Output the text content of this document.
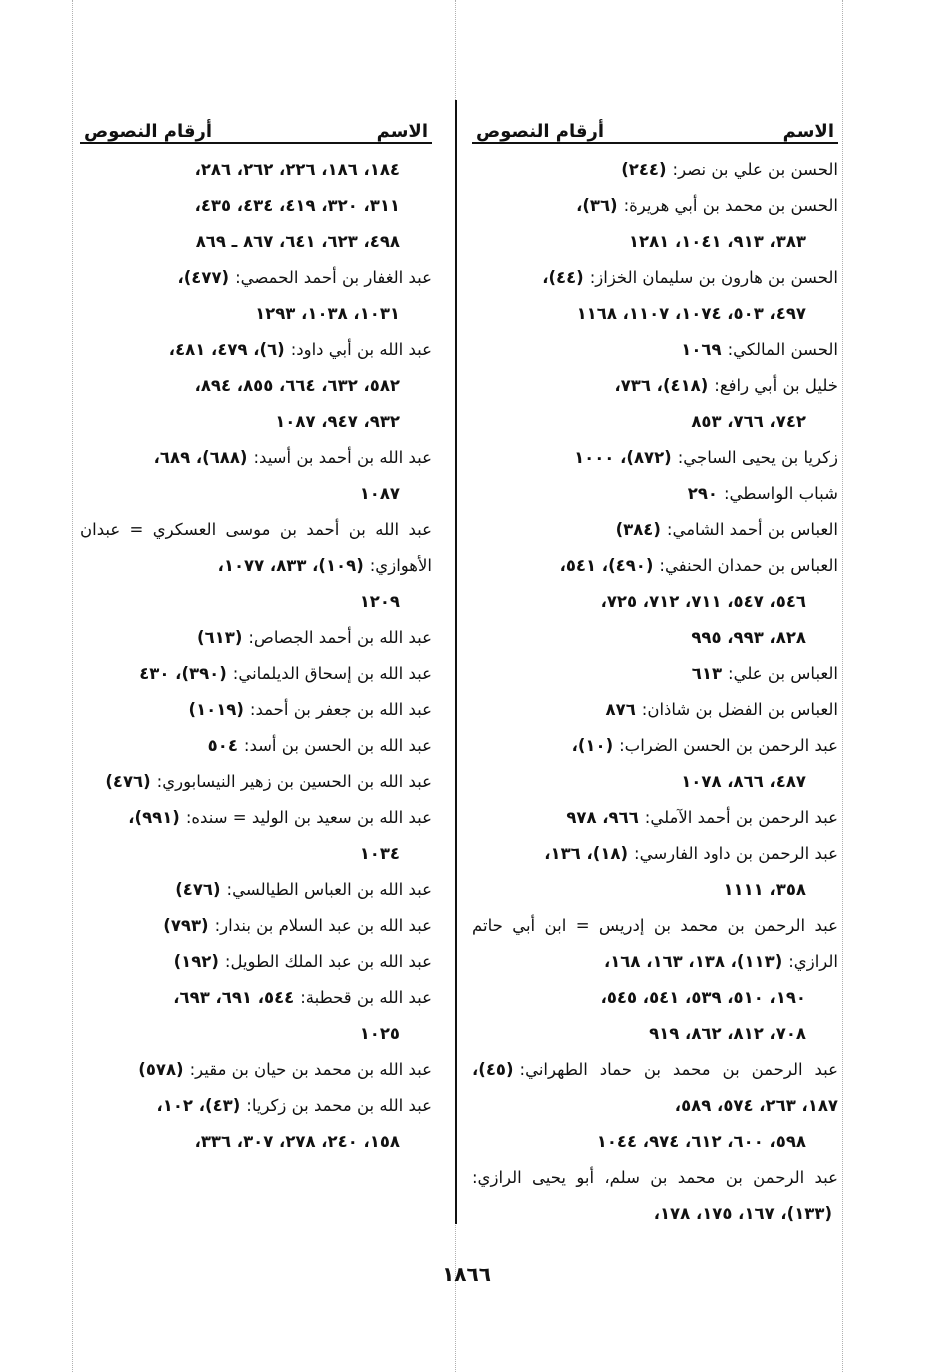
الاسم
أرقام النصوص
الحسن بن علي بن نصر:(٢٤٤)
الحسن بن محمد بن أبي هريرة:(٣٦)،
٣٨٣، ٩١٣، ١٠٤١، ١٢٨١
الحسن بن هارون بن سليمان الخزاز:(٤٤)،
٤٩٧، ٥٠٣، ١٠٧٤، ١١٠٧، ١١٦٨
الحسن المالكي:١٠٦٩
خليل بن أبي رافع:(٤١٨)، ٧٣٦،
٧٤٢، ٧٦٦، ٨٥٣
زكريا بن يحيى الساجي:(٨٧٢)، ١٠٠٠
شباب الواسطي:٢٩٠
العباس بن أحمد الشامي:(٣٨٤)
العباس بن حمدان الحنفي:(٤٩٠)، ٥٤١،
٥٤٦، ٥٤٧، ٧١١، ٧١٢، ٧٢٥،
٨٢٨، ٩٩٣، ٩٩٥
العباس بن علي:٦١٣
العباس بن الفضل بن شاذان:٨٧٦
عبد الرحمن بن الحسن الضراب:(١٠)،
٤٨٧، ٨٦٦، ١٠٧٨
عبد الرحمن بن أحمد الآملي:٩٦٦، ٩٧٨
عبد الرحمن بن داود الفارسي:(١٨)، ١٣٦،
٣٥٨، ١١١١
عبد الرحمن بن محمد بن إدريس = ابن أبي حاتم الرازي:(١١٣)، ١٣٨، ١٦٣، ١٦٨،
١٩٠، ٥١٠، ٥٣٩، ٥٤١، ٥٤٥،
٧٠٨، ٨١٢، ٨٦٢، ٩١٩
عبد الرحمن بن محمد بن حماد الطهراني:(٤٥)، ١٨٧، ٢٦٣، ٥٧٤، ٥٨٩،
٥٩٨، ٦٠٠، ٦١٢، ٩٧٤، ١٠٤٤
عبد الرحمن بن محمد بن سلم، أبو يحيى الرازي:(١٣٣)، ١٦٧، ١٧٥، ١٧٨،
الاسم
أرقام النصوص
١٨٤، ١٨٦، ٢٢٦، ٢٦٢، ٢٨٦،
٣١١، ٣٢٠، ٤١٩، ٤٣٤، ٤٣٥،
٤٩٨، ٦٢٣، ٦٤١، ٨٦٧ ـ ٨٦٩
عبد الغفار بن أحمد الحمصي:(٤٧٧)،
١٠٣١، ١٠٣٨، ١٢٩٣
عبد الله بن أبي داود:(٦)، ٤٧٩، ٤٨١،
٥٨٢، ٦٣٢، ٦٦٤، ٨٥٥، ٨٩٤،
٩٣٢، ٩٤٧، ١٠٨٧
عبد الله بن أحمد بن أسيد:(٦٨٨)، ٦٨٩،
١٠٨٧
عبد الله بن أحمد بن موسى العسكري = عبدان الأهوازي:(١٠٩)، ٨٣٣، ١٠٧٧،
١٢٠٩
عبد الله بن أحمد الجصاص:(٦١٣)
عبد الله بن إسحاق الديلماني:(٣٩٠)، ٤٣٠
عبد الله بن جعفر بن أحمد:(١٠١٩)
عبد الله بن الحسن بن أسد:٥٠٤
عبد الله بن الحسين بن زهير النيسابوري:(٤٧٦)
عبد الله بن سعيد بن الوليد = سنده:(٩٩١)،
١٠٣٤
عبد الله بن العباس الطيالسي:(٤٧٦)
عبد الله بن عبد السلام بن بندار:(٧٩٣)
عبد الله بن عبد الملك الطويل:(١٩٢)
عبد الله بن قحطبة:٥٤٤، ٦٩١، ٦٩٣،
١٠٢٥
عبد الله بن محمد بن حيان بن مقير:(٥٧٨)
عبد الله بن محمد بن زكريا:(٤٣)، ١٠٢،
١٥٨، ٢٤٠، ٢٧٨، ٣٠٧، ٣٣٦،
١٨٦٦
